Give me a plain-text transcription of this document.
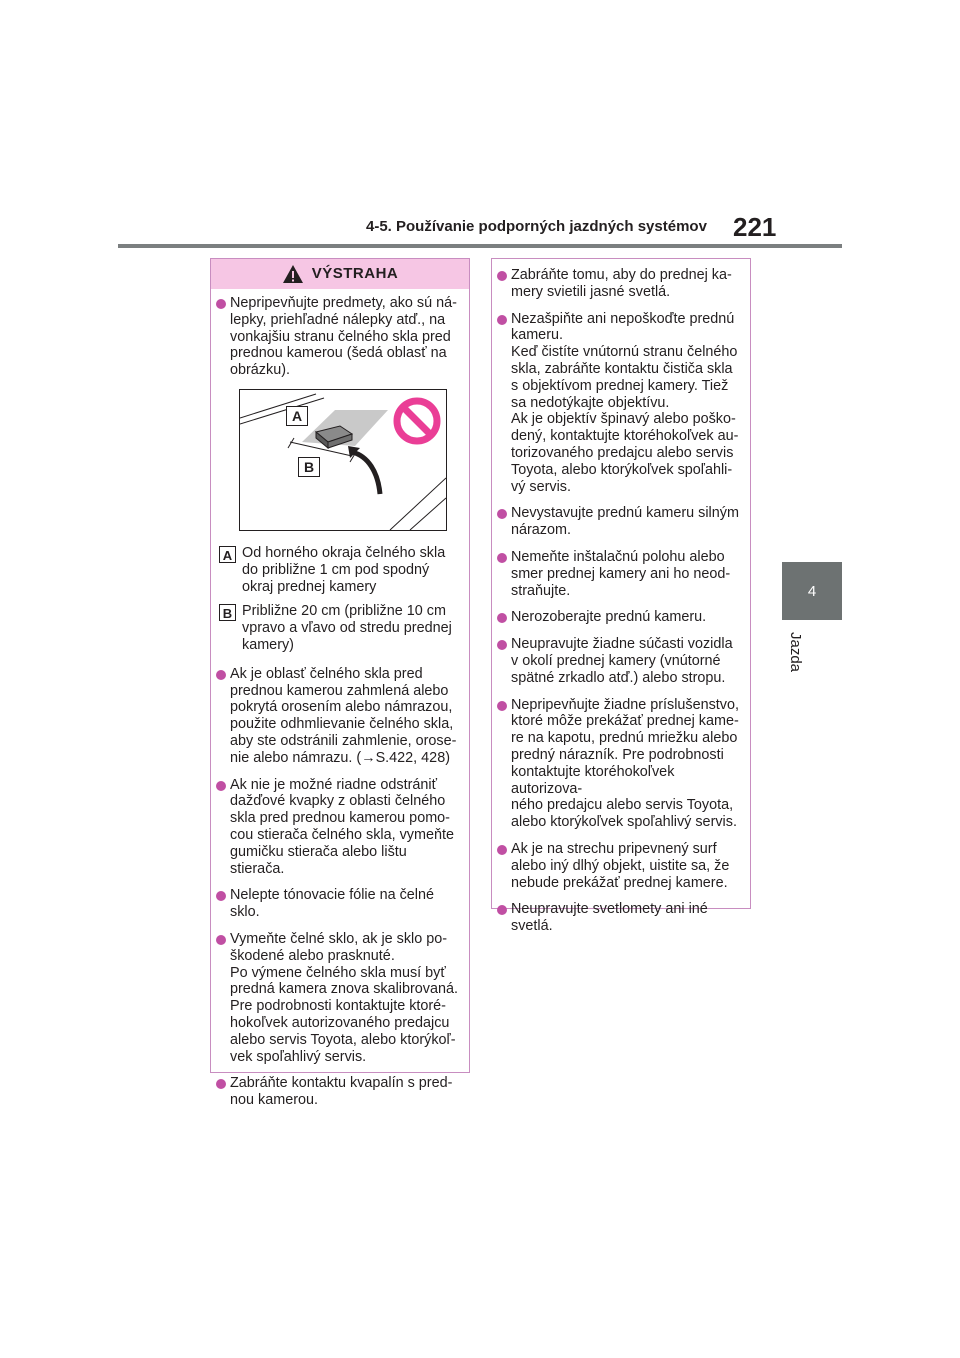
4-5. Používanie podporných jazdných systémov 221
4
Jazda
VÝSTRAHA
Nepripevňujte predmety, ako sú ná-
lepky, priehľadné nálepky atď., na
vonkajšiu stranu čelného skla pred
prednou kamerou (šedá oblasť na
obrázku).
A
B
A Od horného okraja čelného skla
do približne 1 cm pod spodný
okraj prednej kamery
B Približne 20 cm (približne 10 cm
vpravo a vľavo od stredu prednej
kamery)
Ak je oblasť čelného skla pred
prednou kamerou zahmlená alebo
pokrytá orosením alebo námrazou,
použite odhmlievanie čelného skla,
aby ste odstránili zahmlenie, orose-
nie alebo námrazu. (→S.422, 428)
Ak nie je možné riadne odstrániť
dažďové kvapky z oblasti čelného
skla pred prednou kamerou pomo-
cou stierača čelného skla, vymeňte
gumičku stierača alebo lištu stierača.
Nelepte tónovacie fólie na čelné
sklo.
Vymeňte čelné sklo, ak je sklo po-
škodené alebo prasknuté.
Po výmene čelného skla musí byť
predná kamera znova skalibrovaná.
Pre podrobnosti kontaktujte ktoré-
hokoľvek autorizovaného predajcu
alebo servis Toyota, alebo ktorýkoľ-
vek spoľahlivý servis.
Zabráňte kontaktu kvapalín s pred-
nou kamerou.
Zabráňte tomu, aby do prednej ka-
mery svietili jasné svetlá.
Nezašpiňte ani nepoškoďte prednú
kameru.
Keď čistíte vnútornú stranu čelného
skla, zabráňte kontaktu čističa skla
s objektívom prednej kamery. Tiež
sa nedotýkajte objektívu.
Ak je objektív špinavý alebo poško-
dený, kontaktujte ktoréhokoľvek au-
torizovaného predajcu alebo servis
Toyota, alebo ktorýkoľvek spoľahli-
vý servis.
Nevystavujte prednú kameru silným
nárazom.
Nemeňte inštalačnú polohu alebo
smer prednej kamery ani ho neod-
straňujte.
Nerozoberajte prednú kameru.
Neupravujte žiadne súčasti vozidla
v okolí prednej kamery (vnútorné
spätné zrkadlo atď.) alebo stropu.
Nepripevňujte žiadne príslušenstvo,
ktoré môže prekážať prednej kame-
re na kapotu, prednú mriežku alebo
predný nárazník. Pre podrobnosti
kontaktujte ktoréhokoľvek autorizova-
ného predajcu alebo servis Toyota,
alebo ktorýkoľvek spoľahlivý servis.
Ak je na strechu pripevnený surf
alebo iný dlhý objekt, uistite sa, že
nebude prekážať prednej kamere.
Neupravujte svetlomety ani iné
svetlá.
